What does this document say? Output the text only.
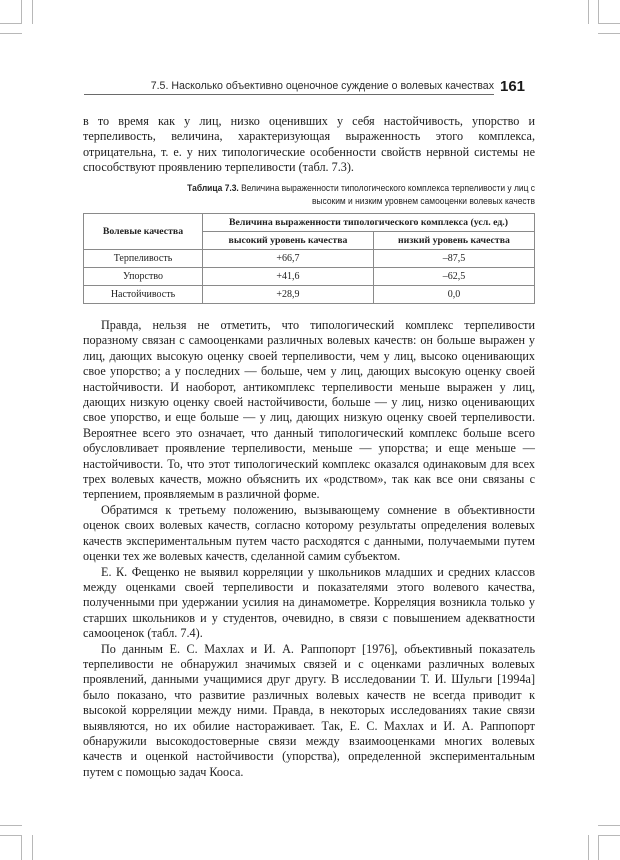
7.5. Насколько объективно оценочное суждение о волевых качествах 161

в то время как у лиц, низко оценивших у себя настойчивость, упорство и терпеливость, величина, характеризующая выраженность этого комплекса, отрицательна, т. е. у них типологические особенности свойств нервной системы не способствуют проявлению терпеливости (табл. 7.3).

Таблица 7.3. Величина выраженности типологического комплекса терпеливости у лиц с высоким и низким уровнем самооценки волевых качеств
Волевые качества	Величина выраженности типологического комплекса (усл. ед.)	
	высокий уровень качества	низкий уровень качества
Терпеливость	+66,7	–87,5
Упорство	+41,6	–62,5
Настойчивость	+28,9	0,0

Правда, нельзя не отметить, что типологический комплекс терпеливости поразному связан с самооценками различных волевых качеств: он больше выражен у лиц, дающих высокую оценку своей терпеливости, чем у лиц, высоко оценивающих свое упорство; а у последних — больше, чем у лиц, дающих высокую оценку своей настойчивости. И наоборот, антикомплекс терпеливости меньше выражен у лиц, дающих низкую оценку своей настойчивости, больше — у лиц, низко оценивающих свое упорство, и еще больше — у лиц, дающих низкую оценку своей терпеливости. Вероятнее всего это означает, что данный типологический комплекс больше всего обусловливает проявление терпеливости, меньше — упорства; и еще меньше — настойчивости. То, что этот типологический комплекс оказался одинаковым для всех трех волевых качеств, можно объяснить их «родством», так как все они связаны с терпением, проявляемым в различной форме.

Обратимся к третьему положению, вызывающему сомнение в объективности оценок своих волевых качеств, согласно которому результаты определения волевых качеств экспериментальным путем часто расходятся с данными, получаемыми путем оценки тех же волевых качеств, сделанной самим субъектом.

Е. К. Фещенко не выявил корреляции у школьников младших и средних классов между оценками своей терпеливости и показателями этого волевого качества, полученными при удержании усилия на динамометре. Корреляция возникла только у старших школьников и у студентов, очевидно, в связи с повышением адекватности самооценок (табл. 7.4).

По данным Е. С. Махлах и И. А. Раппопорт [1976], объективный показатель терпеливости не обнаружил значимых связей и с оценками различных волевых проявлений, данными учащимися друг другу. В исследовании Т. И. Шульги [1994а] было показано, что развитие различных волевых качеств не всегда приводит к высокой корреляции между ними. Правда, в некоторых исследованиях такие связи выявляются, но их обилие настораживает. Так, Е. С. Махлах и И. А. Раппопорт обнаружили высокодостоверные связи между взаимооценками многих волевых качеств и оценкой настойчивости (упорства), определенной экспериментальным путем с помощью задач Кооса.
